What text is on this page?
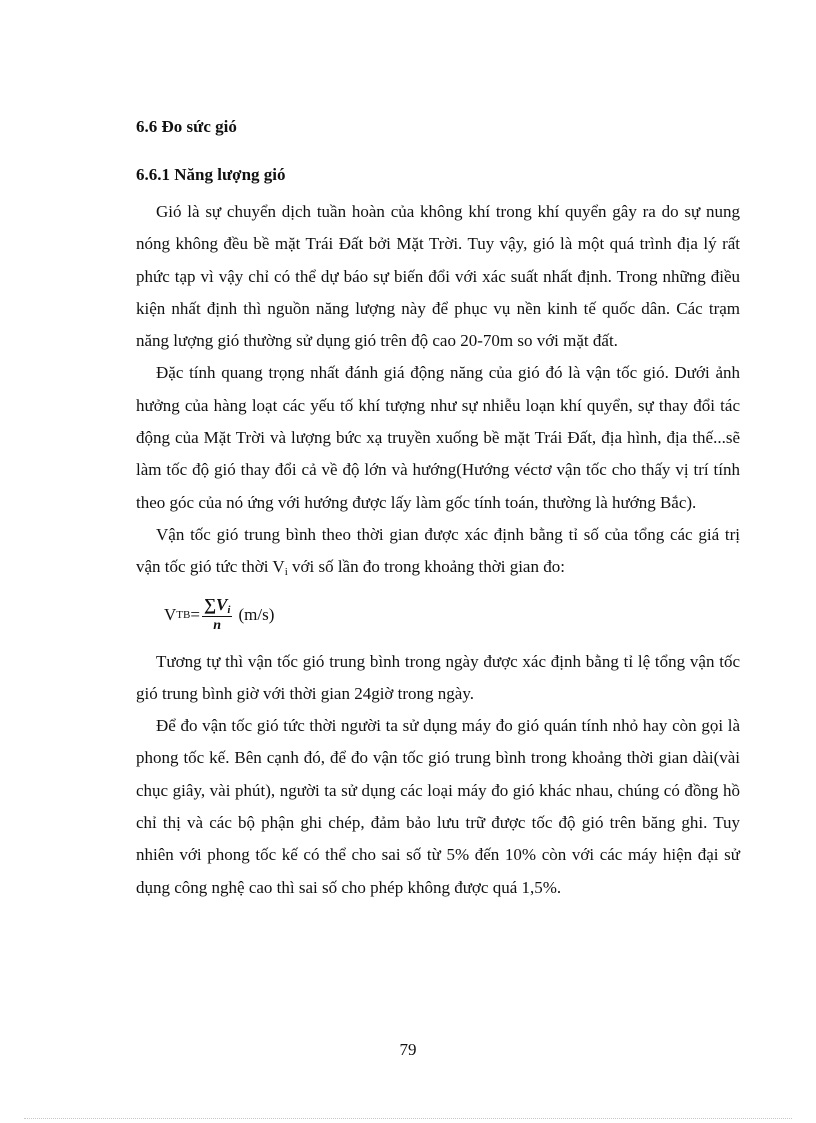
6.6 Đo sức gió
6.6.1 Năng lượng gió

Gió là sự chuyển dịch tuần hoàn của không khí trong khí quyển gây ra do sự nung nóng không đều bề mặt Trái Đất bởi Mặt Trời. Tuy vậy, gió là một quá trình địa lý rất phức tạp vì vậy chỉ có thể dự báo sự biến đổi với xác suất nhất định. Trong những điều kiện nhất định thì nguồn năng lượng này để phục vụ nền kinh tế quốc dân. Các trạm năng lượng gió thường sử dụng gió trên độ cao 20-70m so với mặt đất.

Đặc tính quang trọng nhất đánh giá động năng của gió đó là vận tốc gió. Dưới ảnh hưởng của hàng loạt các yếu tố khí tượng như sự nhiễu loạn khí quyển, sự thay đổi tác động của Mặt Trời và lượng bức xạ truyền xuống bề mặt Trái Đất, địa hình, địa thế...sẽ làm tốc độ gió thay đổi cả về độ lớn và hướng(Hướng véctơ vận tốc cho thấy vị trí tính theo góc của nó ứng với hướng được lấy làm gốc tính toán, thường là hướng Bắc).

Vận tốc gió trung bình theo thời gian được xác định bằng tỉ số của tổng các giá trị vận tốc gió tức thời $V_i$ với số lần đo trong khoảng thời gian đo:

V TB = $\frac{\sum V_i}{n} (m/s)$

Tương tự thì vận tốc gió trung bình trong ngày được xác định bằng tỉ lệ tổng vận tốc gió trung bình giờ với thời gian 24giờ trong ngày.

Để đo vận tốc gió tức thời người ta sử dụng máy đo gió quán tính nhỏ hay còn gọi là phong tốc kế. Bên cạnh đó, để đo vận tốc gió trung bình trong khoảng thời gian dài(vài chục giây, vài phút), người ta sử dụng các loại máy đo gió khác nhau, chúng có đồng hồ chỉ thị và các bộ phận ghi chép, đảm bảo lưu trữ được tốc độ gió trên băng ghi. Tuy nhiên với phong tốc kế có thể cho sai số từ 5% đến 10% còn với các máy hiện đại sử dụng công nghệ cao thì sai số cho phép không được quá 1,5%.

79
